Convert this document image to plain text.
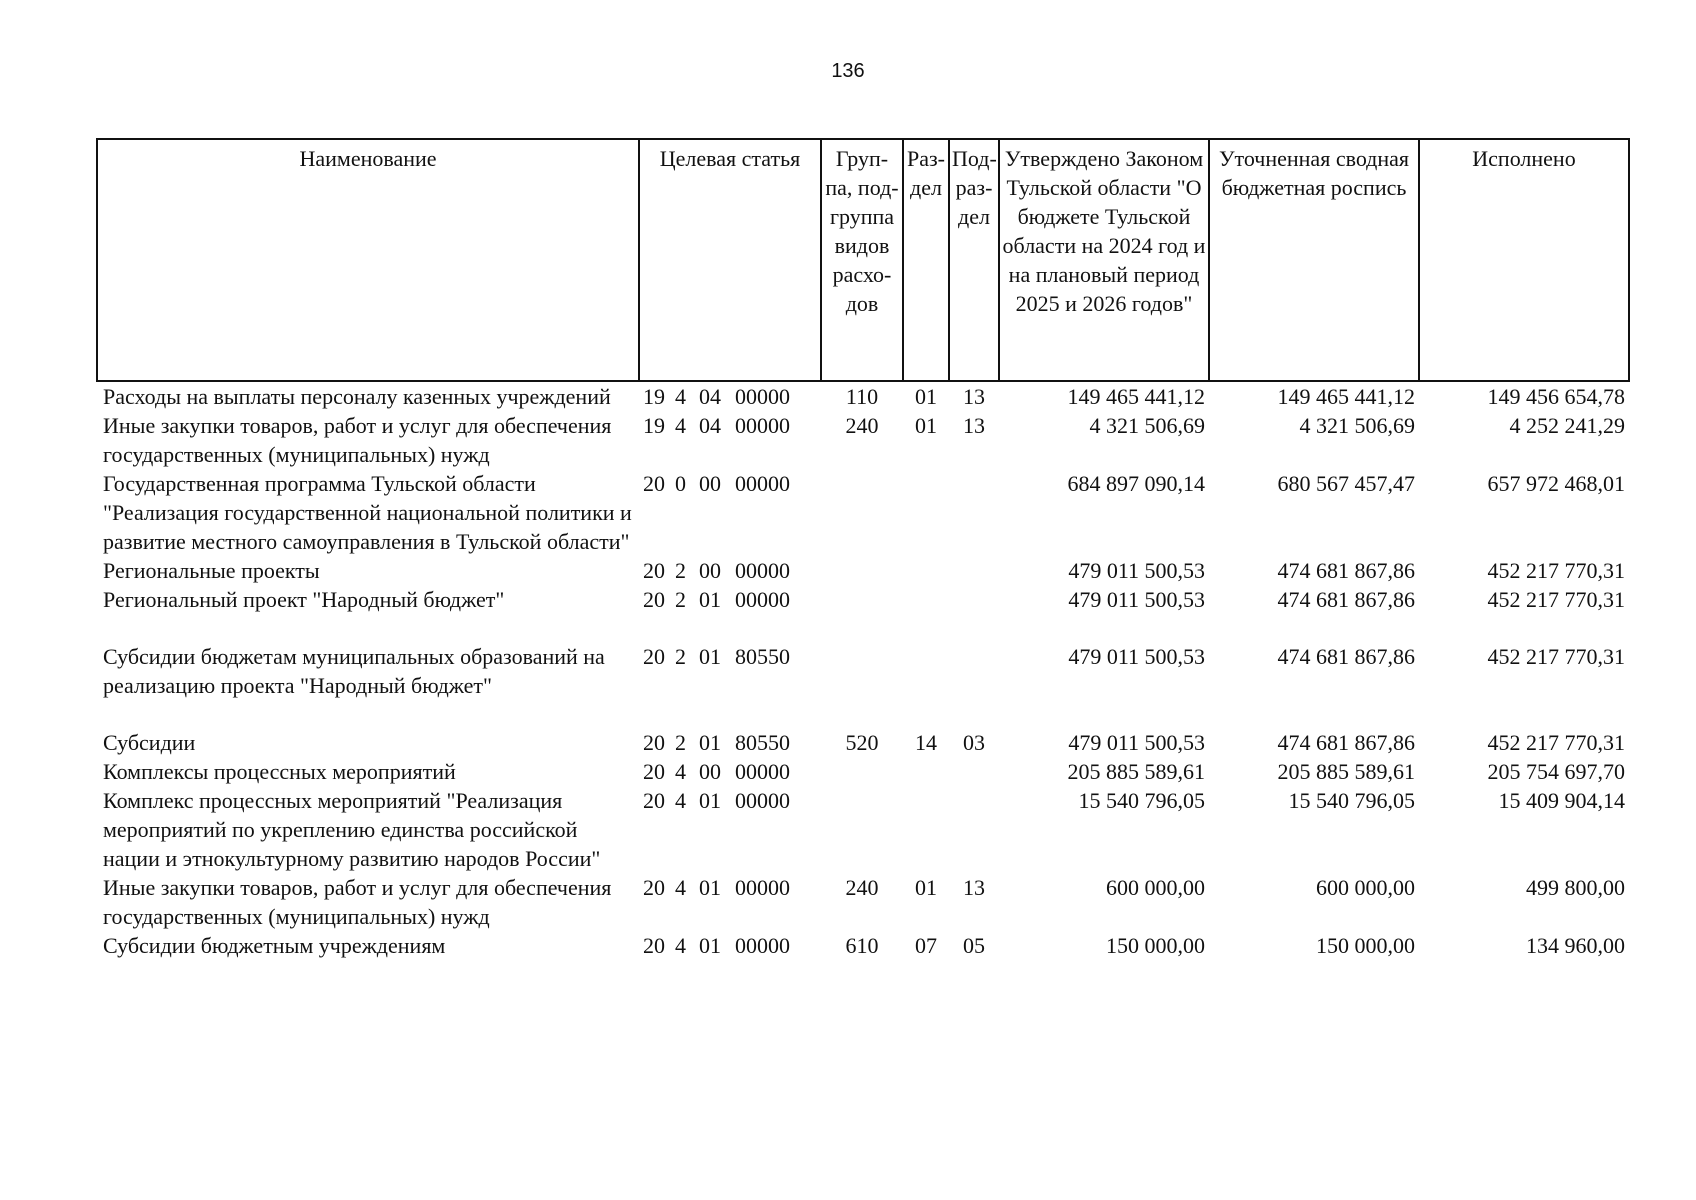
136
Наименование	Целевая статья	Груп-па, под-группа видов расхо-дов	Раз-дел	Под-раз-дел	Утверждено Законом Тульской области "О бюджете Тульской области на 2024 год и на плановый период 2025 и 2026 годов"	Уточненная сводная бюджетная роспись	Исполнено
Расходы на выплаты персоналу казенных учреждений	19 4 04 00000	110	01	13	149 465 441,12	149 465 441,12	149 456 654,78
Иные закупки товаров, работ и услуг для обеспечения государственных (муниципальных) нужд	19 4 04 00000	240	01	13	4 321 506,69	4 321 506,69	4 252 241,29
Государственная программа Тульской области "Реализация государственной национальной политики и развитие местного самоуправления в Тульской области"	20 0 00 00000				684 897 090,14	680 567 457,47	657 972 468,01
Региональные проекты	20 2 00 00000				479 011 500,53	474 681 867,86	452 217 770,31
Региональный проект "Народный бюджет"	20 2 01 00000				479 011 500,53	474 681 867,86	452 217 770,31

Субсидии бюджетам муниципальных образований на реализацию проекта "Народный бюджет"	20 2 01 80550				479 011 500,53	474 681 867,86	452 217 770,31

Субсидии	20 2 01 80550	520	14	03	479 011 500,53	474 681 867,86	452 217 770,31
Комплексы процессных мероприятий	20 4 00 00000				205 885 589,61	205 885 589,61	205 754 697,70
Комплекс процессных мероприятий "Реализация мероприятий по укреплению единства российской нации и этнокультурному развитию народов России"	20 4 01 00000				15 540 796,05	15 540 796,05	15 409 904,14
Иные закупки товаров, работ и услуг для обеспечения государственных (муниципальных) нужд	20 4 01 00000	240	01	13	600 000,00	600 000,00	499 800,00
Субсидии бюджетным учреждениям	20 4 01 00000	610	07	05	150 000,00	150 000,00	134 960,00
